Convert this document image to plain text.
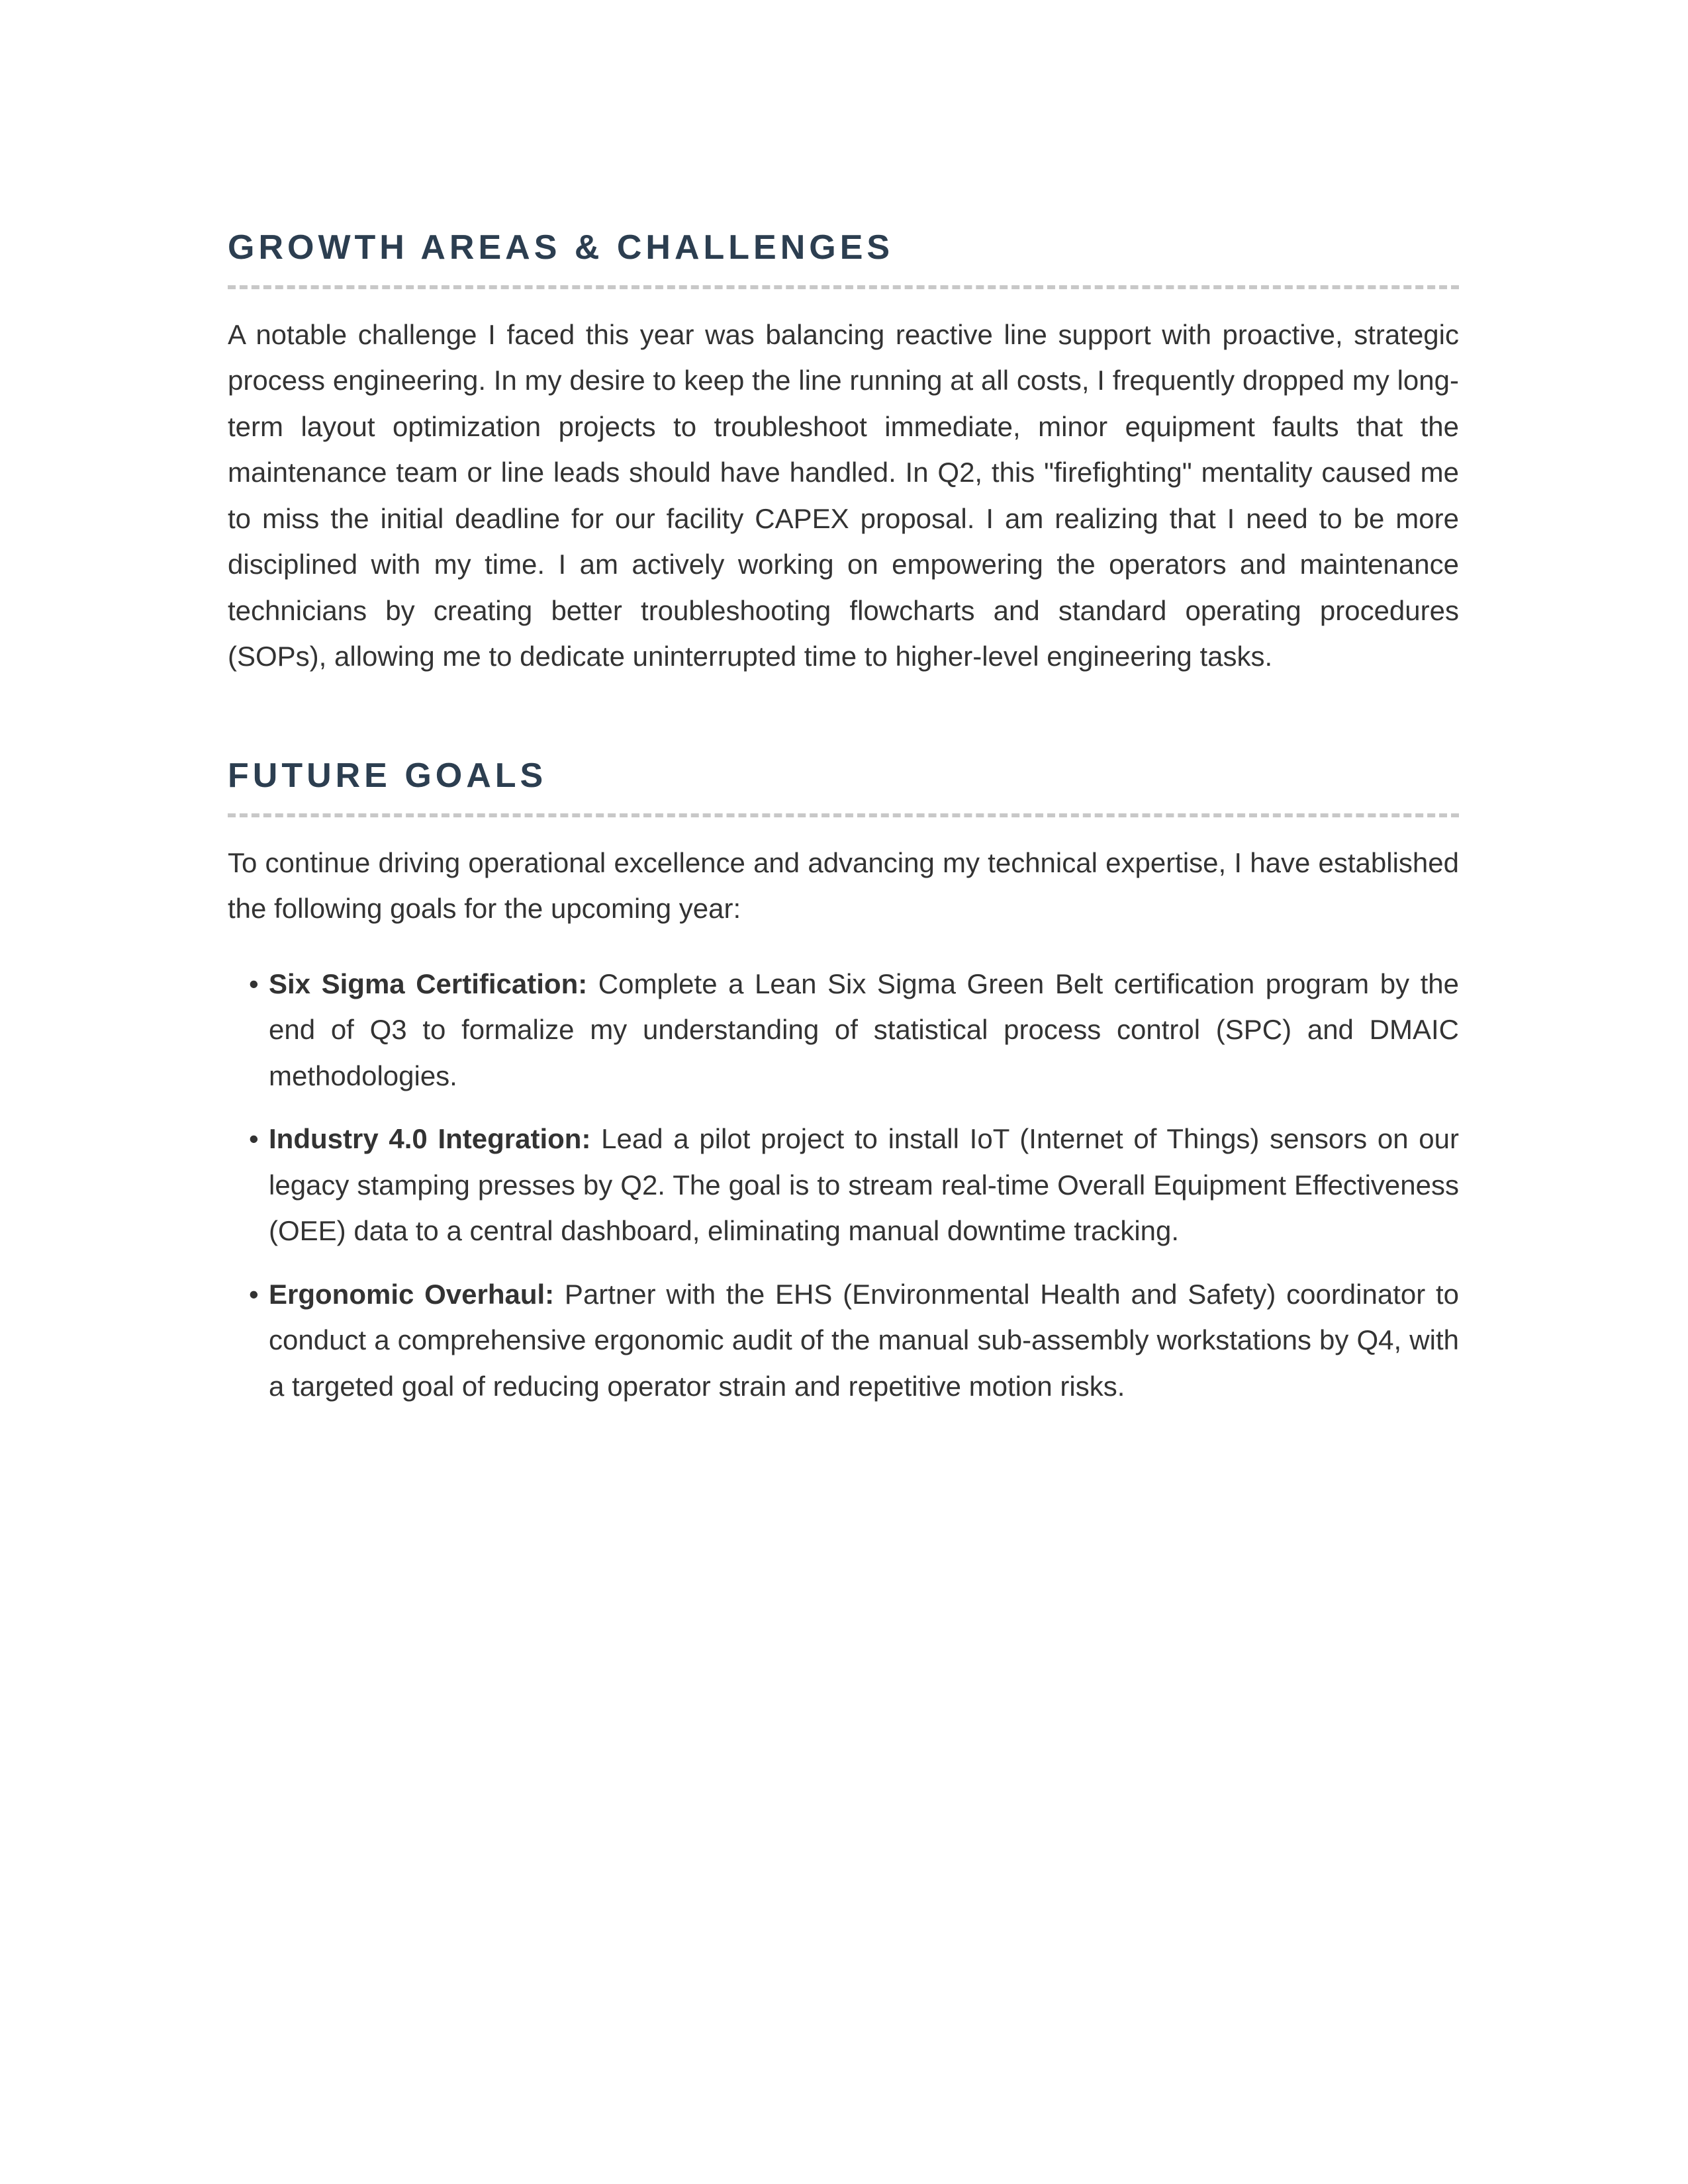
GROWTH AREAS & CHALLENGES

A notable challenge I faced this year was balancing reactive line support with proactive, strategic process engineering. In my desire to keep the line running at all costs, I frequently dropped my long-term layout optimization projects to troubleshoot immediate, minor equipment faults that the maintenance team or line leads should have handled. In Q2, this "firefighting" mentality caused me to miss the initial deadline for our facility CAPEX proposal. I am realizing that I need to be more disciplined with my time. I am actively working on empowering the operators and maintenance technicians by creating better troubleshooting flowcharts and standard operating procedures (SOPs), allowing me to dedicate uninterrupted time to higher-level engineering tasks.

FUTURE GOALS

To continue driving operational excellence and advancing my technical expertise, I have established the following goals for the upcoming year:

• Six Sigma Certification: Complete a Lean Six Sigma Green Belt certification program by the end of Q3 to formalize my understanding of statistical process control (SPC) and DMAIC methodologies.
• Industry 4.0 Integration: Lead a pilot project to install IoT (Internet of Things) sensors on our legacy stamping presses by Q2. The goal is to stream real-time Overall Equipment Effectiveness (OEE) data to a central dashboard, eliminating manual downtime tracking.
• Ergonomic Overhaul: Partner with the EHS (Environmental Health and Safety) coordinator to conduct a comprehensive ergonomic audit of the manual sub-assembly workstations by Q4, with a targeted goal of reducing operator strain and repetitive motion risks.
